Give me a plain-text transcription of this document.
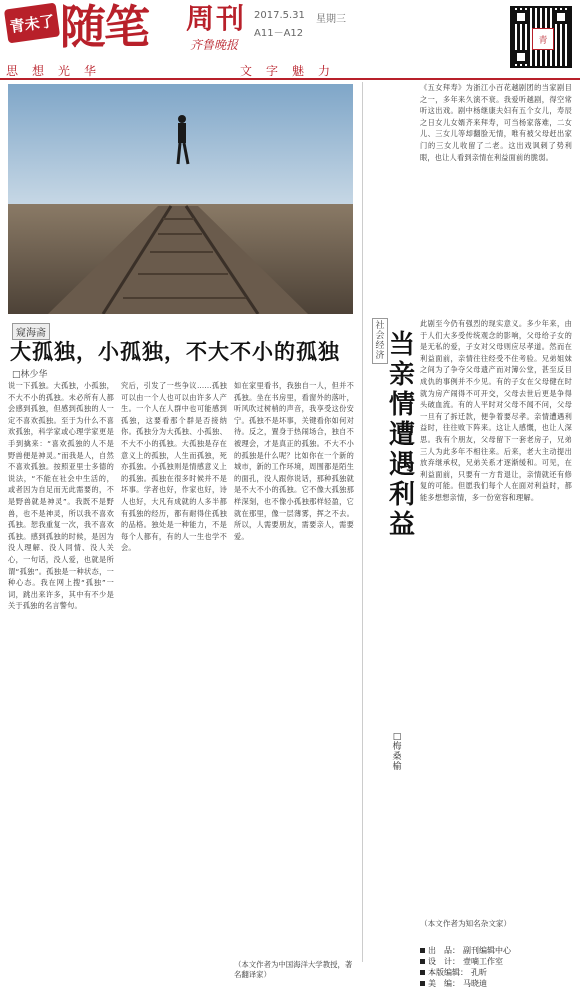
青未了 随笔 周刊
齐鲁晚报
2017.5.31 星期三
A11－A12
思想光华	文字魅力
青
窥海斋
大孤独，小孤独，不大不小的孤独
□林少华
说一下孤独。大孤独，小孤独，不大不小的孤独。未必所有人都会感到孤独，但感到孤独的人一定不喜欢孤独。至于为什么不喜欢孤独，科学家或心理学家更是手到擒来：“喜欢孤独的人不是野兽便是神灵。”而我是人，自然不喜欢孤独。按照亚里士多德的说法，“不能在社会中生活的，或者因为自足而无此需要的，不是野兽就是神灵”。我既不是野兽，也不是神灵，所以我不喜欢孤独。恕我重复一次，我不喜欢孤独。感到孤独的时候，是因为没人理解、没人同情、没人关心，一句话，没人爱，也就是所谓“孤独”。孤独是一种状态，一种心态。我在网上搜“孤独”一词，跳出来许多，其中有不少是关于孤独的名言警句。
究后，引发了一些争议……孤独可以由一个人也可以由许多人产生。一个人在人群中也可能感到孤独，这要看那个群是否接纳你。孤独分为大孤独、小孤独、不大不小的孤独。大孤独是存在意义上的孤独，人生而孤独，死亦孤独。小孤独则是情感意义上的孤独。孤独在很多时候并不是坏事。学者也好，作家也好，诗人也好，大凡有成就的人多半都有孤独的经历，都有耐得住孤独的品格。独处是一种能力，不是每个人都有，有的人一生也学不会。
如在家里看书，我独自一人，但并不孤独。坐在书房里，看窗外的落叶，听风吹过树梢的声音，我享受这份安宁。孤独不是坏事，关键看你如何对待。反之，置身于热闹场合，独自不被理会，才是真正的孤独。不大不小的孤独是什么呢？比如你在一个新的城市，新的工作环境，周围都是陌生的面孔，没人跟你说话，那种孤独就是不大不小的孤独。它不像大孤独那样深刻，也不像小孤独那样轻盈，它就在那里，像一层薄雾，挥之不去。所以，人需要朋友，需要亲人，需要爱。
（本文作者为中国海洋大学教授，著名翻译家）
社会经济 当亲情遭遇利益
□梅桑榆
《五女拜寿》为浙江小百花越剧团的当家剧目之一，多年来久演不衰。我爱听越剧，得空常听这出戏。剧中杨继康夫妇有五个女儿，寿辰之日女儿女婿齐来拜寿，可当杨家落难，二女儿、三女儿等却翻脸无情，唯有被父母赶出家门的三女儿收留了二老。这出戏讽刺了势利眼，也让人看到亲情在利益面前的脆弱。
此剧至今仍有强烈的现实意义。多少年来，由于人们大多受传统观念的影响，父母给子女的是无私的爱，子女对父母则应尽孝道。然而在利益面前，亲情往往经受不住考验。兄弟姐妹之间为了争夺父母遗产而对簿公堂，甚至反目成仇的事例并不少见。有的子女在父母健在时就为房产闹得不可开交，父母去世后更是争得头破血流。有的人平时对父母不闻不问，父母一旦有了拆迁款，便争着要尽孝。亲情遭遇利益时，往往败下阵来。这让人感慨，也让人深思。我有个朋友，父母留下一套老房子，兄弟三人为此多年不相往来。后来，老大主动提出放弃继承权，兄弟关系才逐渐缓和。可见，在利益面前，只要有一方肯退让，亲情就还有修复的可能。但愿我们每个人在面对利益时，都能多想想亲情，多一份宽容和理解。
（本文作者为知名杂文家）
出　品： 副刊编辑中心
设　计： 壹嘀工作室
本版编辑： 孔昕
美　编： 马晓迪
